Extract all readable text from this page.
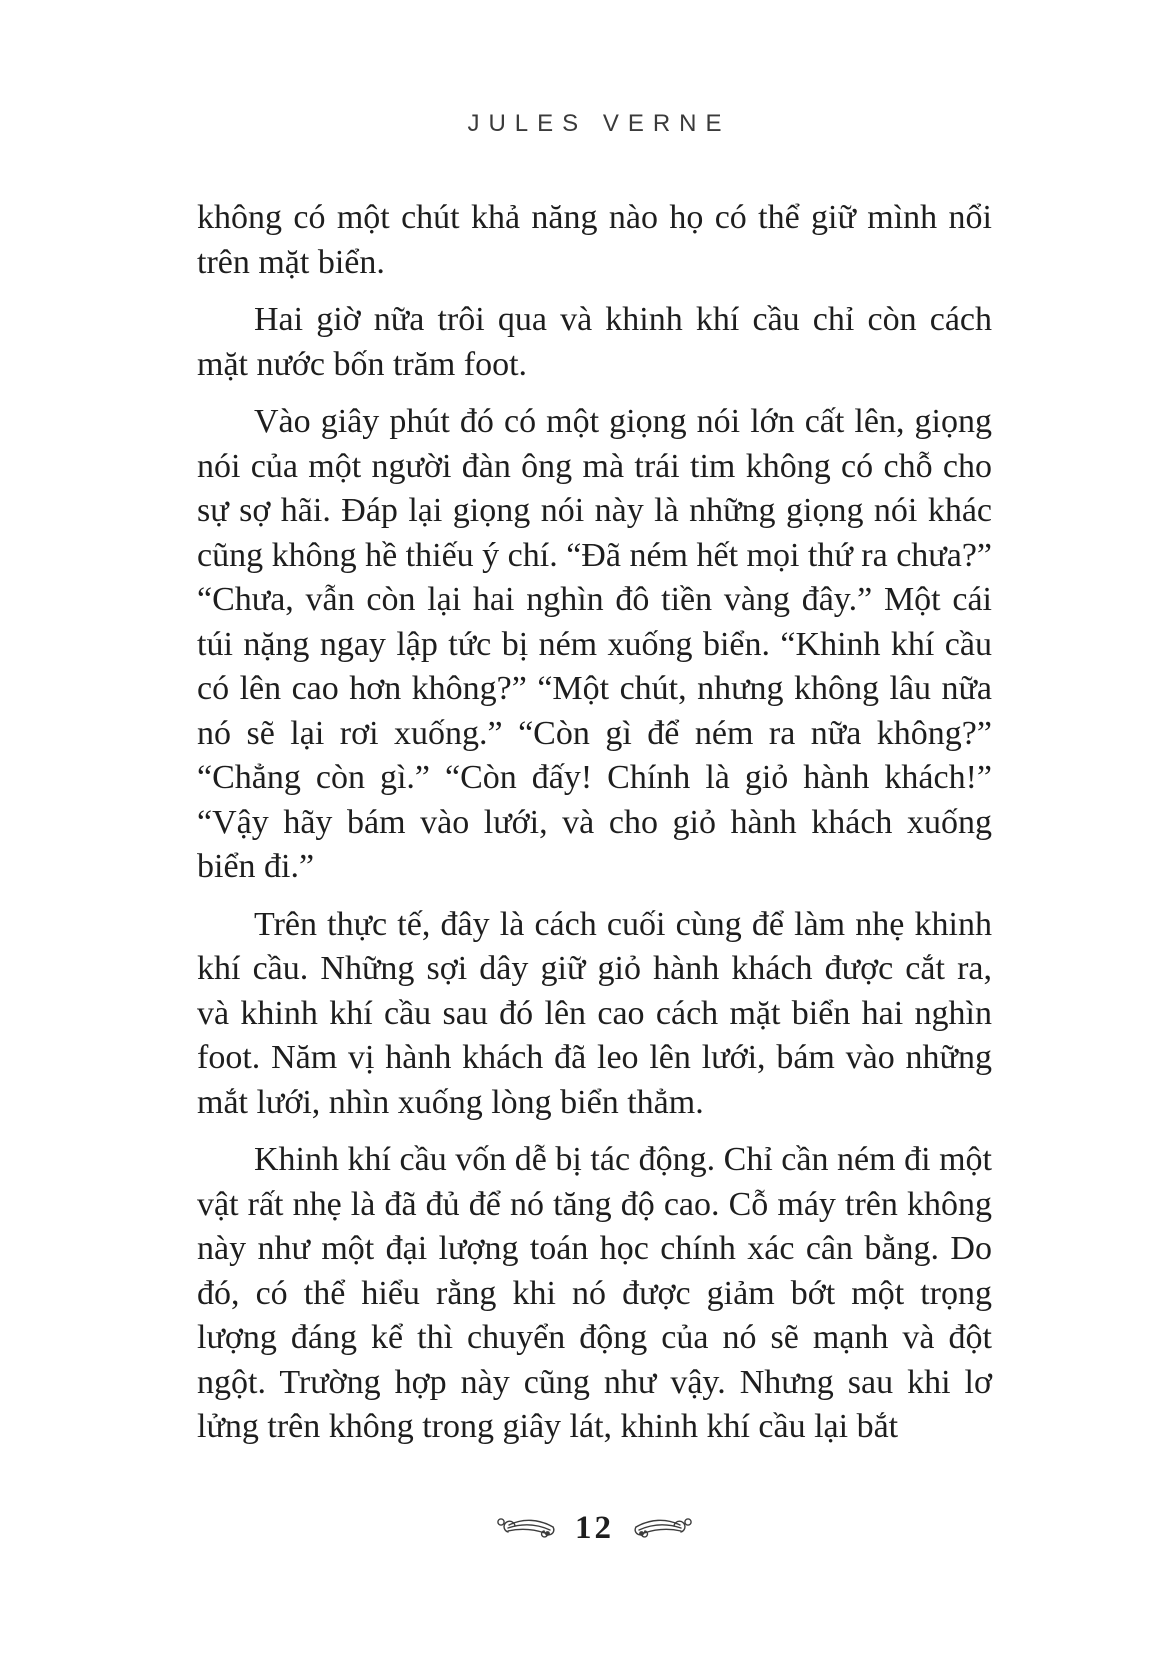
JULES VERNE

không có một chút khả năng nào họ có thể giữ mình nổi trên mặt biển.

Hai giờ nữa trôi qua và khinh khí cầu chỉ còn cách mặt nước bốn trăm foot.

Vào giây phút đó có một giọng nói lớn cất lên, giọng nói của một người đàn ông mà trái tim không có chỗ cho sự sợ hãi. Đáp lại giọng nói này là những giọng nói khác cũng không hề thiếu ý chí. “Đã ném hết mọi thứ ra chưa?” “Chưa, vẫn còn lại hai nghìn đô tiền vàng đây.” Một cái túi nặng ngay lập tức bị ném xuống biển. “Khinh khí cầu có lên cao hơn không?” “Một chút, nhưng không lâu nữa nó sẽ lại rơi xuống.” “Còn gì để ném ra nữa không?” “Chẳng còn gì.” “Còn đấy! Chính là giỏ hành khách!” “Vậy hãy bám vào lưới, và cho giỏ hành khách xuống biển đi.”

Trên thực tế, đây là cách cuối cùng để làm nhẹ khinh khí cầu. Những sợi dây giữ giỏ hành khách được cắt ra, và khinh khí cầu sau đó lên cao cách mặt biển hai nghìn foot. Năm vị hành khách đã leo lên lưới, bám vào những mắt lưới, nhìn xuống lòng biển thẳm.

Khinh khí cầu vốn dễ bị tác động. Chỉ cần ném đi một vật rất nhẹ là đã đủ để nó tăng độ cao. Cỗ máy trên không này như một đại lượng toán học chính xác cân bằng. Do đó, có thể hiểu rằng khi nó được giảm bớt một trọng lượng đáng kể thì chuyển động của nó sẽ mạnh và đột ngột. Trường hợp này cũng như vậy. Nhưng sau khi lơ lửng trên không trong giây lát, khinh khí cầu lại bắt

12
